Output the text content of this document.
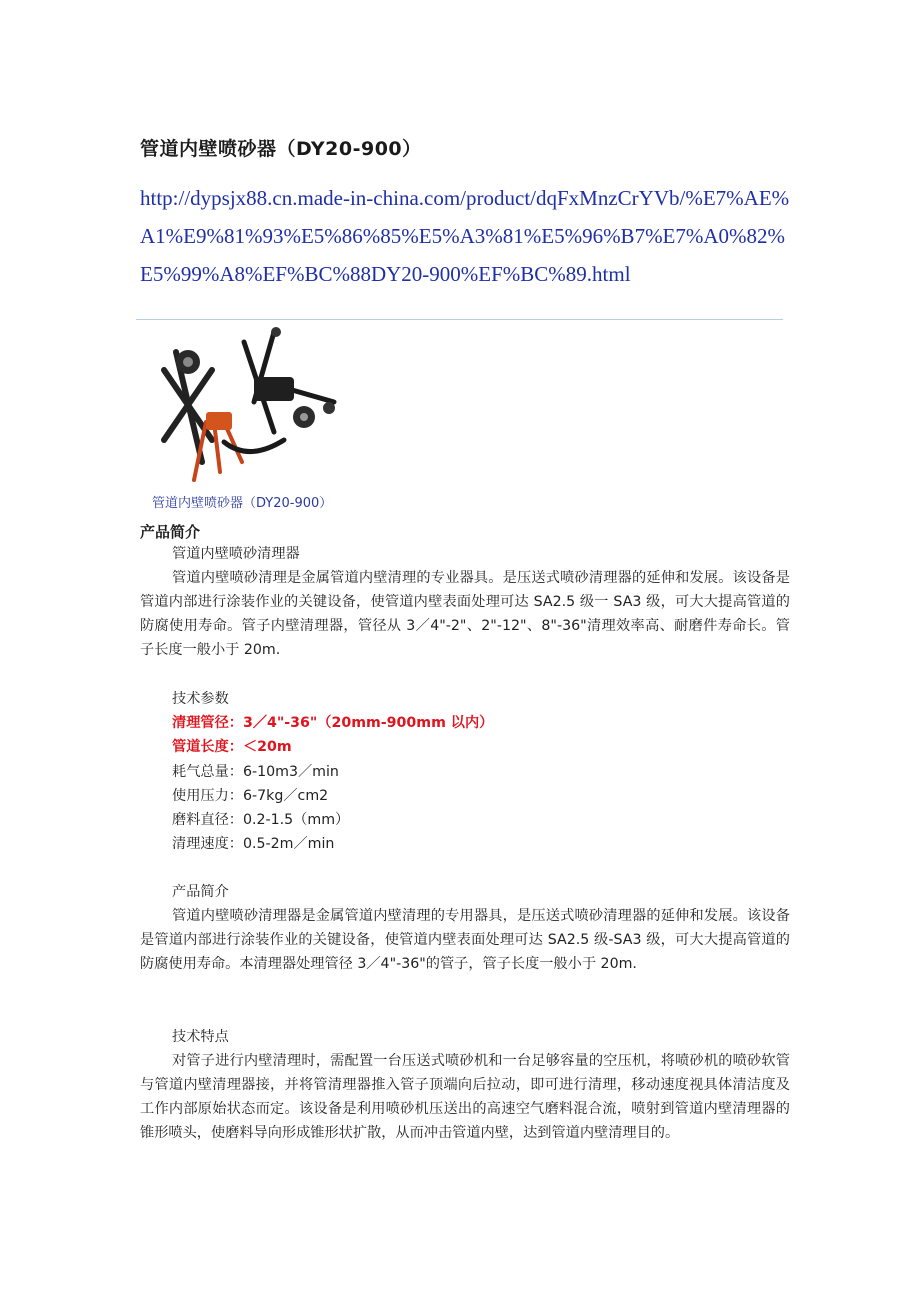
管道内壁喷砂器（DY20-900）
http://dypsjx88.cn.made-in-china.com/product/dqFxMnzCrYVb/%E7%AE%A1%E9%81%93%E5%86%85%E5%A3%81%E5%96%B7%E7%A0%82%E5%99%A8%EF%BC%88DY20-900%EF%BC%89.html
管道内壁喷砂器（DY20-900）
产品简介
管道内壁喷砂清理器
管道内壁喷砂清理是金属管道内壁清理的专业器具。是压送式喷砂清理器的延伸和发展。该设备是管道内部进行涂装作业的关键设备，使管道内壁表面处理可达 SA2.5 级一 SA3 级，可大大提高管道的防腐使用寿命。管子内壁清理器，管径从 3／4"-2"、2"-12"、8"-36"清理效率高、耐磨件寿命长。管子长度一般小于 20m.
技术参数
清理管径：3／4"-36"（20mm-900mm 以内）
管道长度：＜20m
耗气总量：6-10m3／min
使用压力：6-7kg／cm2
磨料直径：0.2-1.5（mm）
清理速度：0.5-2m／min
产品简介
管道内壁喷砂清理器是金属管道内壁清理的专用器具，是压送式喷砂清理器的延伸和发展。该设备是管道内部进行涂装作业的关键设备，使管道内壁表面处理可达 SA2.5 级-SA3 级，可大大提高管道的防腐使用寿命。本清理器处理管径 3／4"-36"的管子，管子长度一般小于 20m.
技术特点
对管子进行内壁清理时，需配置一台压送式喷砂机和一台足够容量的空压机，将喷砂机的喷砂软管与管道内壁清理器接，并将管清理器推入管子顶端向后拉动，即可进行清理，移动速度视具体清洁度及工作内部原始状态而定。该设备是利用喷砂机压送出的高速空气磨料混合流，喷射到管道内壁清理器的锥形喷头，使磨料导向形成锥形状扩散，从而冲击管道内壁，达到管道内壁清理目的。
